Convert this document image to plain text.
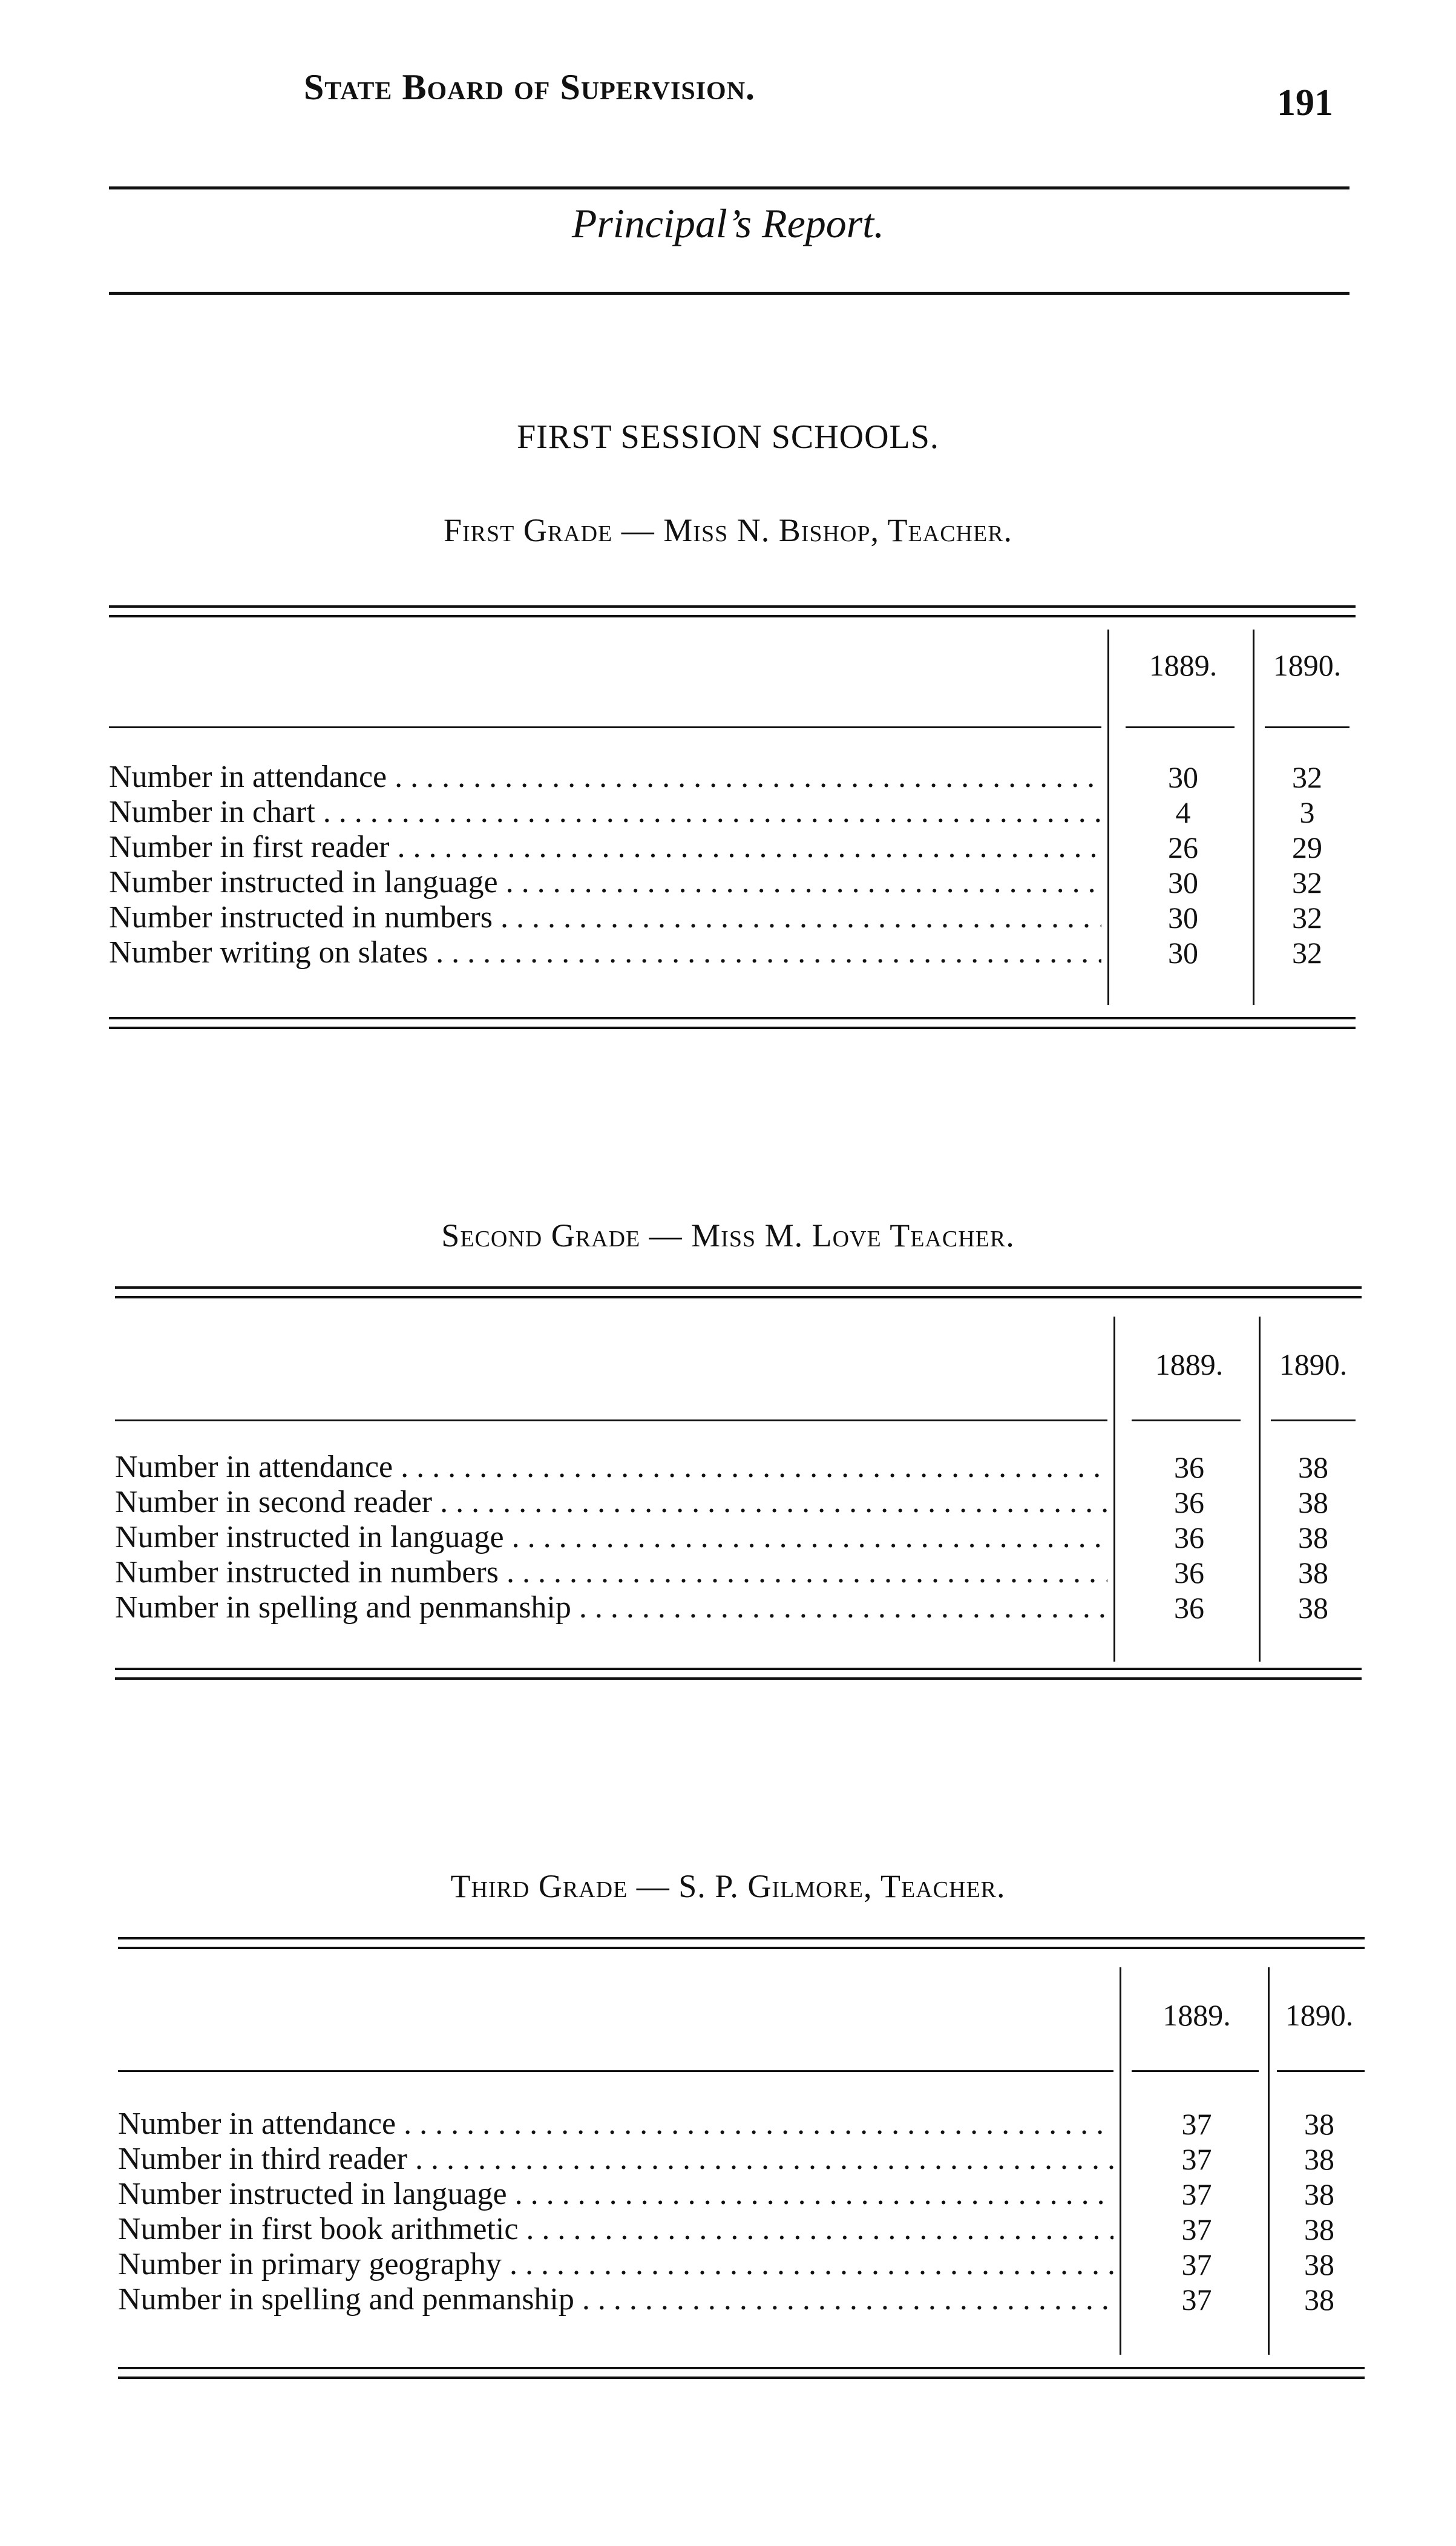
State Board of Supervision.	191
Principal’s Report.
FIRST SESSION SCHOOLS.
First Grade — Miss N. Bishop, Teacher.
1889.	1890.
Number in attendance . . .	30	32
Number in chart . . .	4	3
Number in first reader . . .	26	29
Number instructed in language . . .	30	32
Number instructed in numbers . . .	30	32
Number writing on slates . . .	30	32
Second Grade — Miss M. Love Teacher.
1889.	1890.
Number in attendance . . .	36	38
Number in second reader . . .	36	38
Number instructed in language . . .	36	38
Number instructed in numbers . . .	36	38
Number in spelling and penmanship . . .	36	38
Third Grade — S. P. Gilmore, Teacher.
1889.	1890.
Number in attendance . . .	37	38
Number in third reader . . .	37	38
Number instructed in language . . .	37	38
Number in first book arithmetic . . .	37	38
Number in primary geography . . .	37	38
Number in spelling and penmanship . . .	37	38
